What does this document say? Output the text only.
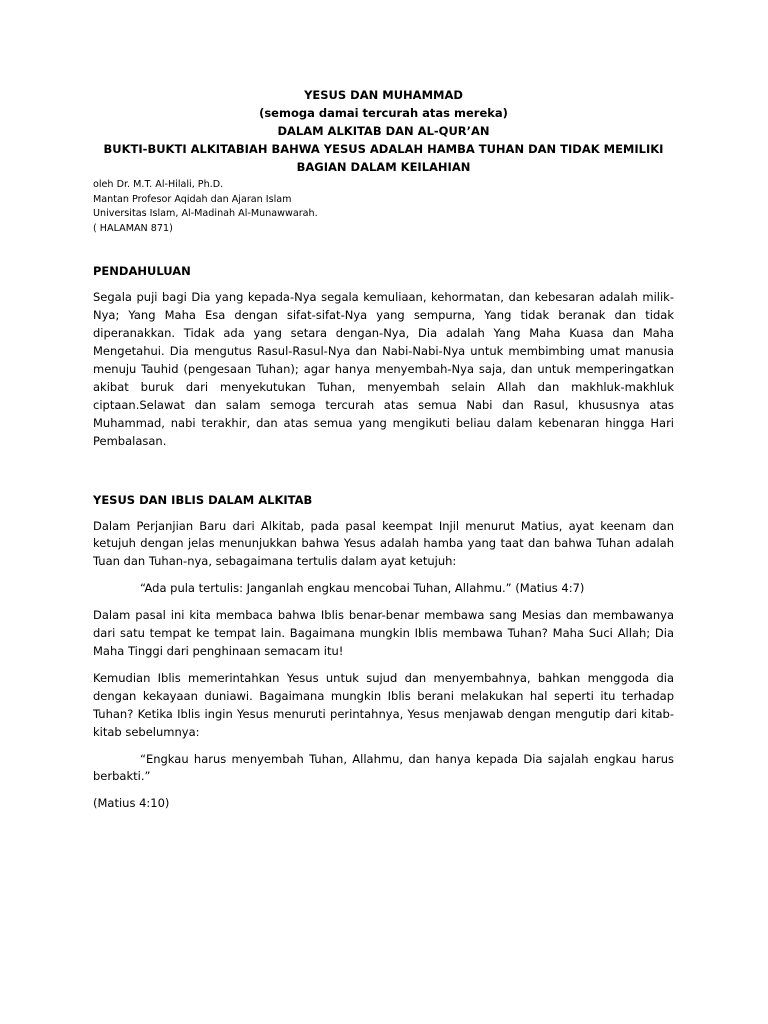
YESUS DAN MUHAMMAD
(semoga damai tercurah atas mereka)
DALAM ALKITAB DAN AL-QUR’AN
BUKTI-BUKTI ALKITABIAH BAHWA YESUS ADALAH HAMBA TUHAN DAN TIDAK MEMILIKI BAGIAN DALAM KEILAHIAN
oleh Dr. M.T. Al-Hilali, Ph.D.
Mantan Profesor Aqidah dan Ajaran Islam
Universitas Islam, Al-Madinah Al-Munawwarah.
( HALAMAN 871)
PENDAHULUAN

Segala puji bagi Dia yang kepada-Nya segala kemuliaan, kehormatan, dan kebesaran adalah milik-Nya; Yang Maha Esa dengan sifat-sifat-Nya yang sempurna, Yang tidak beranak dan tidak diperanakkan. Tidak ada yang setara dengan-Nya, Dia adalah Yang Maha Kuasa dan Maha Mengetahui. Dia mengutus Rasul-Rasul-Nya dan Nabi-Nabi-Nya untuk membimbing umat manusia menuju Tauhid (pengesaan Tuhan); agar hanya menyembah-Nya saja, dan untuk memperingatkan akibat buruk dari menyekutukan Tuhan, menyembah selain Allah dan makhluk-makhluk ciptaan.Selawat dan salam semoga tercurah atas semua Nabi dan Rasul, khususnya atas Muhammad, nabi terakhir, dan atas semua yang mengikuti beliau dalam kebenaran hingga Hari Pembalasan.

YESUS DAN IBLIS DALAM ALKITAB

Dalam Perjanjian Baru dari Alkitab, pada pasal keempat Injil menurut Matius, ayat keenam dan ketujuh dengan jelas menunjukkan bahwa Yesus adalah hamba yang taat dan bahwa Tuhan adalah Tuan dan Tuhan-nya, sebagaimana tertulis dalam ayat ketujuh:

“Ada pula tertulis: Janganlah engkau mencobai Tuhan, Allahmu.” (Matius 4:7)

Dalam pasal ini kita membaca bahwa Iblis benar-benar membawa sang Mesias dan membawanya dari satu tempat ke tempat lain. Bagaimana mungkin Iblis membawa Tuhan? Maha Suci Allah; Dia Maha Tinggi dari penghinaan semacam itu!

Kemudian Iblis memerintahkan Yesus untuk sujud dan menyembahnya, bahkan menggoda dia dengan kekayaan duniawi. Bagaimana mungkin Iblis berani melakukan hal seperti itu terhadap Tuhan? Ketika Iblis ingin Yesus menuruti perintahnya, Yesus menjawab dengan mengutip dari kitab-kitab sebelumnya:

“Engkau harus menyembah Tuhan, Allahmu, dan hanya kepada Dia sajalah engkau harus berbakti.”

(Matius 4:10)
